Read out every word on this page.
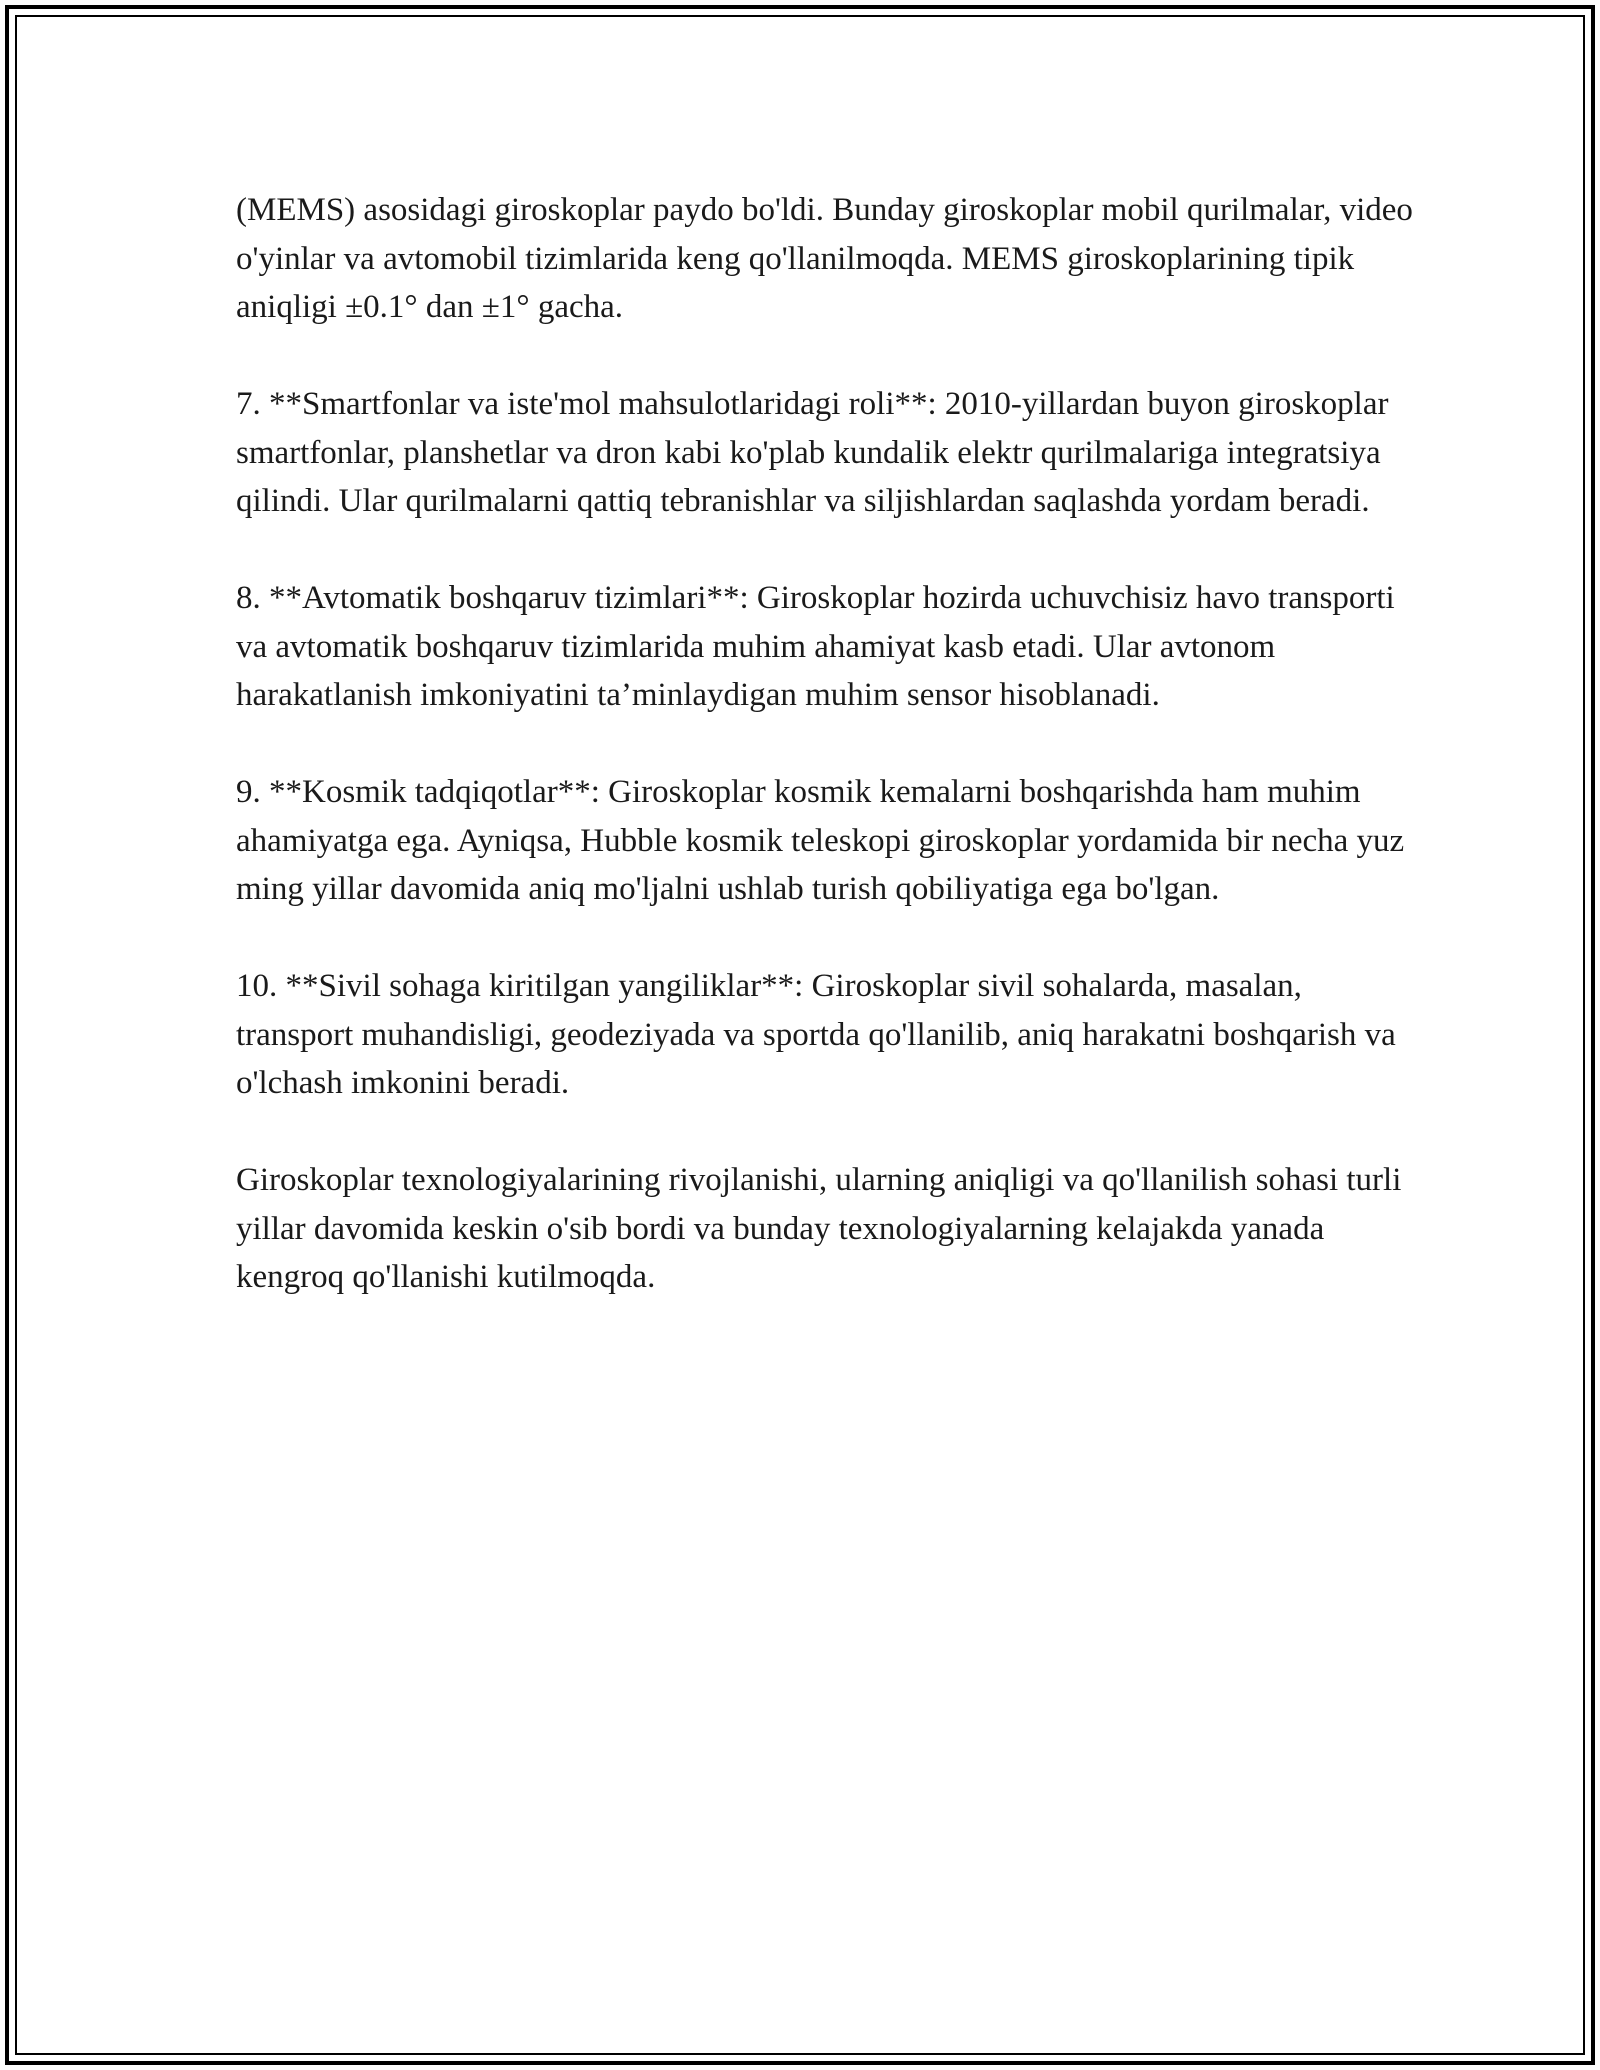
(MEMS) asosidagi giroskoplar paydo bo'ldi. Bunday giroskoplar mobil qurilmalar, video o'yinlar va avtomobil tizimlarida keng qo'llanilmoqda. MEMS giroskoplarining tipik aniqligi ±0.1° dan ±1° gacha.

7. **Smartfonlar va iste'mol mahsulotlaridagi roli**: 2010-yillardan buyon giroskoplar smartfonlar, planshetlar va dron kabi ko'plab kundalik elektr qurilmalariga integratsiya qilindi. Ular qurilmalarni qattiq tebranishlar va siljishlardan saqlashda yordam beradi.

8. **Avtomatik boshqaruv tizimlari**: Giroskoplar hozirda uchuvchisiz havo transporti va avtomatik boshqaruv tizimlarida muhim ahamiyat kasb etadi. Ular avtonom harakatlanish imkoniyatini ta’minlaydigan muhim sensor hisoblanadi.

9. **Kosmik tadqiqotlar**: Giroskoplar kosmik kemalarni boshqarishda ham muhim ahamiyatga ega. Ayniqsa, Hubble kosmik teleskopi giroskoplar yordamida bir necha yuz ming yillar davomida aniq mo'ljalni ushlab turish qobiliyatiga ega bo'lgan.

10. **Sivil sohaga kiritilgan yangiliklar**: Giroskoplar sivil sohalarda, masalan, transport muhandisligi, geodeziyada va sportda qo'llanilib, aniq harakatni boshqarish va o'lchash imkonini beradi.

Giroskoplar texnologiyalarining rivojlanishi, ularning aniqligi va qo'llanilish sohasi turli yillar davomida keskin o'sib bordi va bunday texnologiyalarning kelajakda yanada kengroq qo'llanishi kutilmoqda.
